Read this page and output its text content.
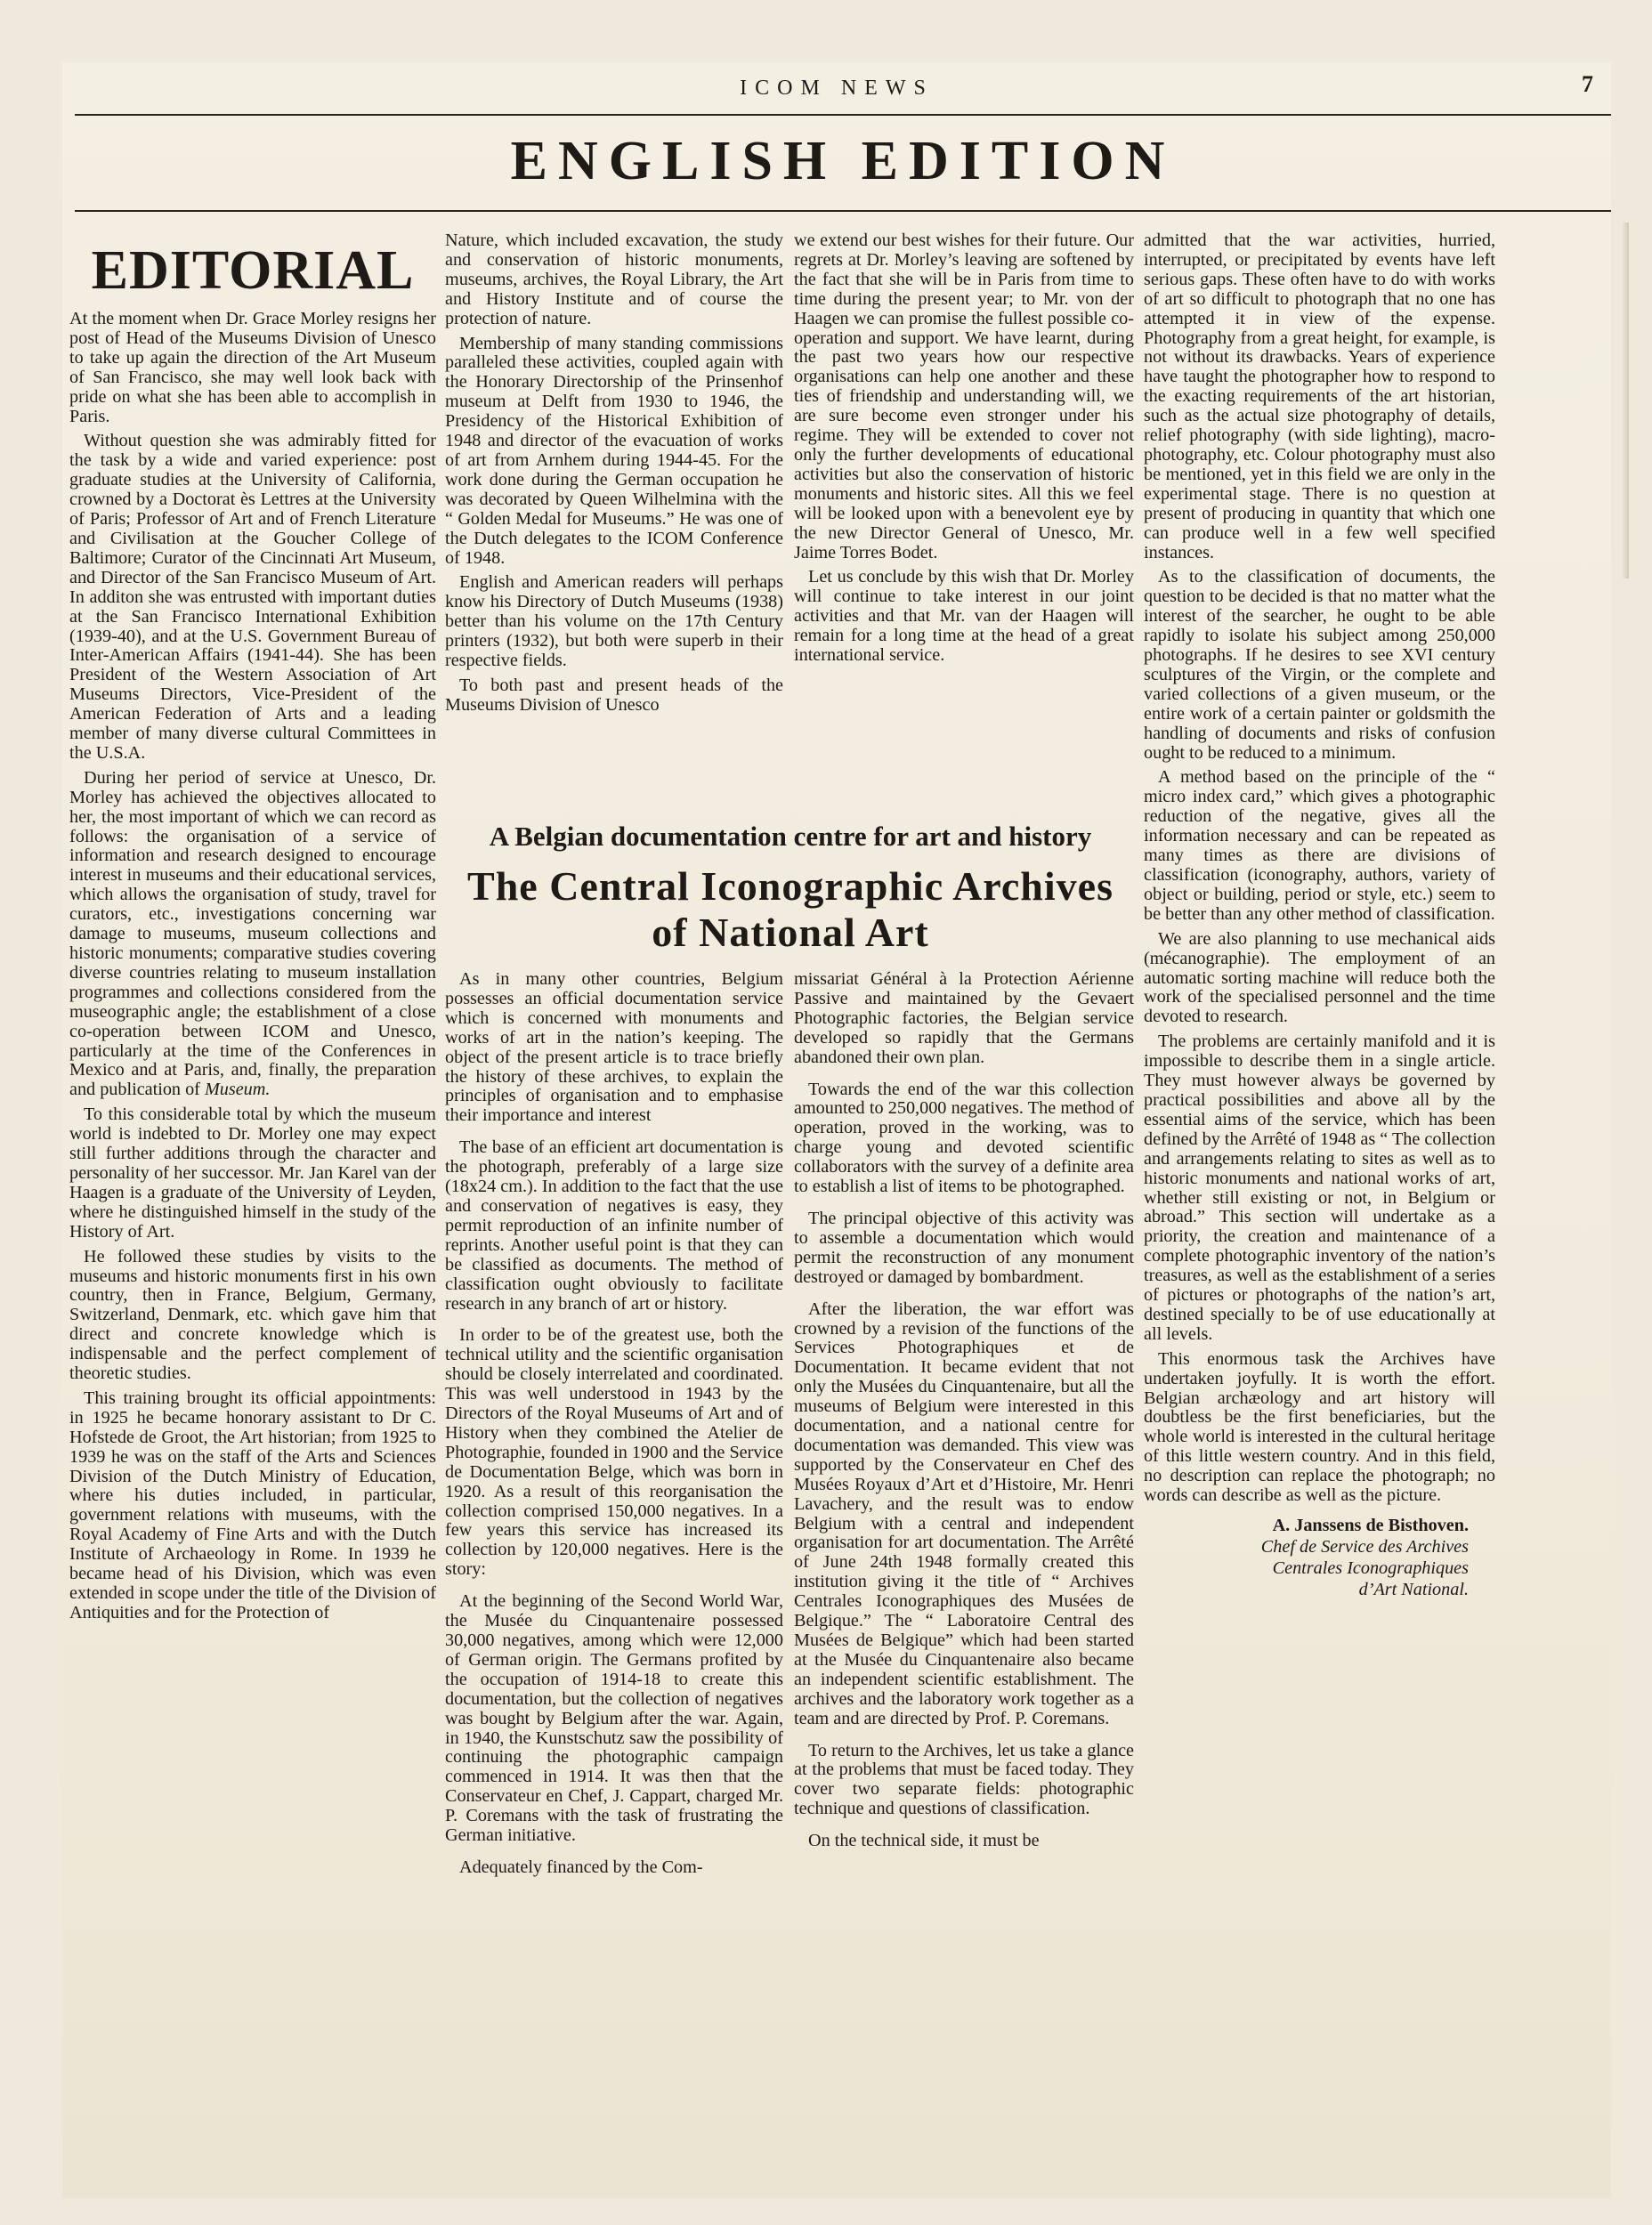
ICOM NEWS	7
ENGLISH EDITION
EDITORIAL

At the moment when Dr. Grace Morley resigns her post of Head of the Museums Division of Unesco to take up again the direction of the Art Museum of San Francisco, she may well look back with pride on what she has been able to accomplish in Paris.

Without question she was admirably fitted for the task by a wide and varied experience: post graduate studies at the University of California, crowned by a Doctorat ès Lettres at the University of Paris; Professor of Art and of French Literature and Civilisation at the Goucher College of Baltimore; Curator of the Cincinnati Art Museum, and Director of the San Francisco Museum of Art. In additon she was entrusted with important duties at the San Francisco International Exhibition (1939-40), and at the U.S. Government Bureau of Inter-American Affairs (1941-44). She has been President of the Western Association of Art Museums Directors, Vice-President of the American Federation of Arts and a leading member of many diverse cultural Committees in the U.S.A.

During her period of service at Unesco, Dr. Morley has achieved the objectives allocated to her, the most important of which we can record as follows: the organisation of a service of information and research designed to encourage interest in museums and their educational services, which allows the organisation of study, travel for curators, etc., investigations concerning war damage to museums, museum collections and historic monuments; comparative studies covering diverse countries relating to museum installation programmes and collections considered from the museographic angle; the establishment of a close co-operation between ICOM and Unesco, particularly at the time of the Conferences in Mexico and at Paris, and, finally, the preparation and publication of Museum.

To this considerable total by which the museum world is indebted to Dr. Morley one may expect still further additions through the character and personality of her successor. Mr. Jan Karel van der Haagen is a graduate of the University of Leyden, where he distinguished himself in the study of the History of Art.

He followed these studies by visits to the museums and historic monuments first in his own country, then in France, Belgium, Germany, Switzerland, Denmark, etc. which gave him that direct and concrete knowledge which is indispensable and the perfect complement of theoretic studies.

This training brought its official appointments: in 1925 he became honorary assistant to Dr C. Hofstede de Groot, the Art historian; from 1925 to 1939 he was on the staff of the Arts and Sciences Division of the Dutch Ministry of Education, where his duties included, in particular, government relations with museums, with the Royal Academy of Fine Arts and with the Dutch Institute of Archaeology in Rome. In 1939 he became head of his Division, which was even extended in scope under the title of the Division of Antiquities and for the Protection of

Nature, which included excavation, the study and conservation of historic monuments, museums, archives, the Royal Library, the Art and History Institute and of course the protection of nature.

Membership of many standing commissions paralleled these activities, coupled again with the Honorary Directorship of the Prinsenhof museum at Delft from 1930 to 1946, the Presidency of the Historical Exhibition of 1948 and director of the evacuation of works of art from Arnhem during 1944-45. For the work done during the German occupation he was decorated by Queen Wilhelmina with the “ Golden Medal for Museums.” He was one of the Dutch delegates to the ICOM Conference of 1948.

English and American readers will perhaps know his Directory of Dutch Museums (1938) better than his volume on the 17th Century printers (1932), but both were superb in their respective fields.

To both past and present heads of the Museums Division of Unesco

we extend our best wishes for their future. Our regrets at Dr. Morley’s leaving are softened by the fact that she will be in Paris from time to time during the present year; to Mr. von der Haagen we can promise the fullest possible co-operation and support. We have learnt, during the past two years how our respective organisations can help one another and these ties of friendship and understanding will, we are sure become even stronger under his regime. They will be extended to cover not only the further developments of educational activities but also the conservation of historic monuments and historic sites. All this we feel will be looked upon with a benevolent eye by the new Director General of Unesco, Mr. Jaime Torres Bodet.

Let us conclude by this wish that Dr. Morley will continue to take interest in our joint activities and that Mr. van der Haagen will remain for a long time at the head of a great international service.

A Belgian documentation centre for art and history
The Central Iconographic Archives
of National Art

As in many other countries, Belgium possesses an official documentation service which is concerned with monuments and works of art in the nation’s keeping. The object of the present article is to trace briefly the history of these archives, to explain the principles of organisation and to emphasise their importance and interest

The base of an efficient art documentation is the photograph, preferably of a large size (18x24 cm.). In addition to the fact that the use and conservation of negatives is easy, they permit reproduction of an infinite number of reprints. Another useful point is that they can be classified as documents. The method of classification ought obviously to facilitate research in any branch of art or history.

In order to be of the greatest use, both the technical utility and the scientific organisation should be closely interrelated and coordinated. This was well understood in 1943 by the Directors of the Royal Museums of Art and of History when they combined the Atelier de Photographie, founded in 1900 and the Service de Documentation Belge, which was born in 1920. As a result of this reorganisation the collection comprised 150,000 negatives. In a few years this service has increased its collection by 120,000 negatives. Here is the story:

At the beginning of the Second World War, the Musée du Cinquantenaire possessed 30,000 negatives, among which were 12,000 of German origin. The Germans profited by the occupation of 1914-18 to create this documentation, but the collection of negatives was bought by Belgium after the war. Again, in 1940, the Kunstschutz saw the possibility of continuing the photographic campaign commenced in 1914. It was then that the Conservateur en Chef, J. Cappart, charged Mr. P. Coremans with the task of frustrating the German initiative.

Adequately financed by the Com-

missariat Général à la Protection Aérienne Passive and maintained by the Gevaert Photographic factories, the Belgian service developed so rapidly that the Germans abandoned their own plan.

Towards the end of the war this collection amounted to 250,000 negatives. The method of operation, proved in the working, was to charge young and devoted scientific collaborators with the survey of a definite area to establish a list of items to be photographed.

The principal objective of this activity was to assemble a documentation which would permit the reconstruction of any monument destroyed or damaged by bombardment.

After the liberation, the war effort was crowned by a revision of the functions of the Services Photographiques et de Documentation. It became evident that not only the Musées du Cinquantenaire, but all the museums of Belgium were interested in this documentation, and a national centre for documentation was demanded. This view was supported by the Conservateur en Chef des Musées Royaux d’Art et d’Histoire, Mr. Henri Lavachery, and the result was to endow Belgium with a central and independent organisation for art documentation. The Arrêté of June 24th 1948 formally created this institution giving it the title of “ Archives Centrales Iconographiques des Musées de Belgique.” The “ Laboratoire Central des Musées de Belgique” which had been started at the Musée du Cinquantenaire also became an independent scientific establishment. The archives and the laboratory work together as a team and are directed by Prof. P. Coremans.

To return to the Archives, let us take a glance at the problems that must be faced today. They cover two separate fields: photographic technique and questions of classification.

On the technical side, it must be

admitted that the war activities, hurried, interrupted, or precipitated by events have left serious gaps. These often have to do with works of art so difficult to photograph that no one has attempted it in view of the expense. Photography from a great height, for example, is not without its drawbacks. Years of experience have taught the photographer how to respond to the exacting requirements of the art historian, such as the actual size photography of details, relief photography (with side lighting), macro-photography, etc. Colour photography must also be mentioned, yet in this field we are only in the experimental stage. There is no question at present of producing in quantity that which one can produce well in a few well specified instances.

As to the classification of documents, the question to be decided is that no matter what the interest of the searcher, he ought to be able rapidly to isolate his subject among 250,000 photographs. If he desires to see XVI century sculptures of the Virgin, or the complete and varied collections of a given museum, or the entire work of a certain painter or goldsmith the handling of documents and risks of confusion ought to be reduced to a minimum.

A method based on the principle of the “ micro index card,” which gives a photographic reduction of the negative, gives all the information necessary and can be repeated as many times as there are divisions of classification (iconography, authors, variety of object or building, period or style, etc.) seem to be better than any other method of classification.

We are also planning to use mechanical aids (mécanographie). The employment of an automatic sorting machine will reduce both the work of the specialised personnel and the time devoted to research.

The problems are certainly manifold and it is impossible to describe them in a single article. They must however always be governed by practical possibilities and above all by the essential aims of the service, which has been defined by the Arrêté of 1948 as “ The collection and arrangements relating to sites as well as to historic monuments and national works of art, whether still existing or not, in Belgium or abroad.” This section will undertake as a priority, the creation and maintenance of a complete photographic inventory of the nation’s treasures, as well as the establishment of a series of pictures or photographs of the nation’s art, destined specially to be of use educationally at all levels.

This enormous task the Archives have undertaken joyfully. It is worth the effort. Belgian archæology and art history will doubtless be the first beneficiaries, but the whole world is interested in the cultural heritage of this little western country. And in this field, no description can replace the photograph; no words can describe as well as the picture.

A. Janssens de Bisthoven.
Chef de Service des Archives
Centrales Iconographiques
d’Art National.
